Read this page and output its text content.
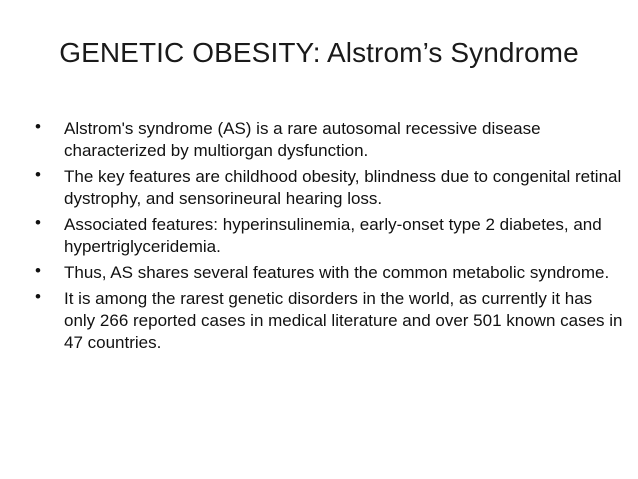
GENETIC OBESITY: Alstrom’s Syndrome
• Alstrom's syndrome (AS) is a rare autosomal recessive disease characterized by multiorgan dysfunction.
• The key features are childhood obesity, blindness due to congenital retinal dystrophy, and sensorineural hearing loss.
• Associated features: hyperinsulinemia, early-onset type 2 diabetes, and hypertriglyceridemia.
• Thus, AS shares several features with the common metabolic syndrome.
• It is among the rarest genetic disorders in the world, as currently it has only 266 reported cases in medical literature and over 501 known cases in 47 countries.
